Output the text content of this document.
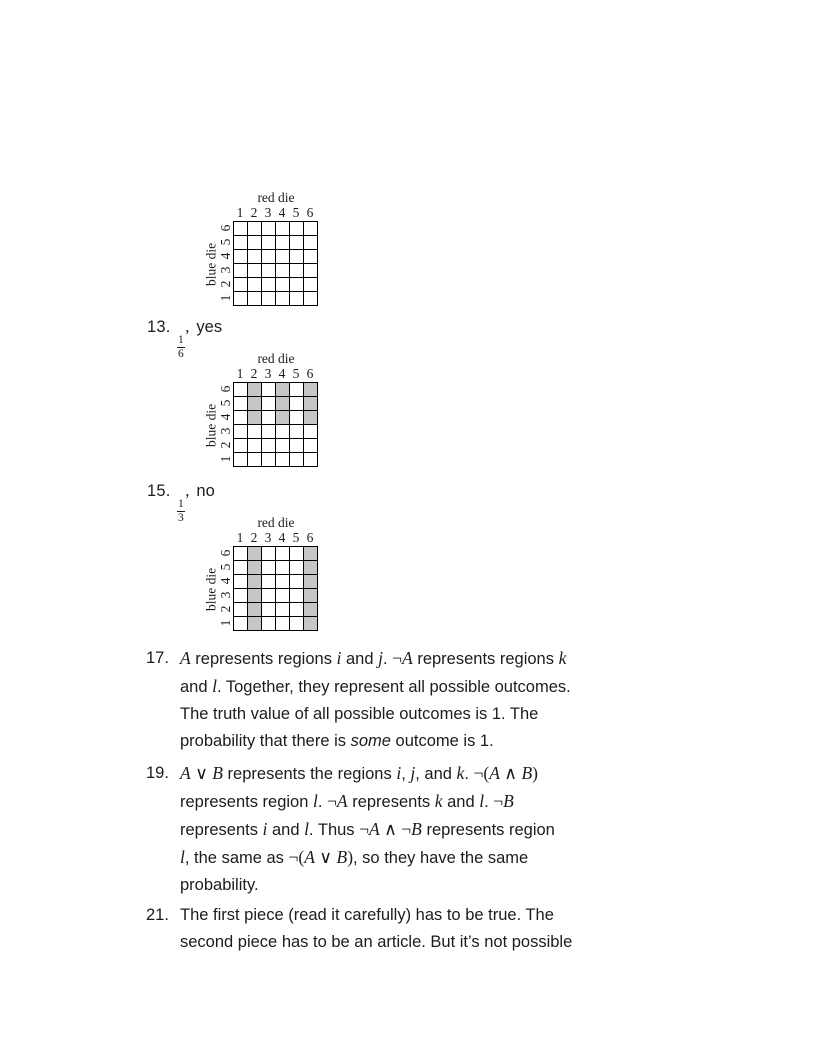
red die
1 2 3 4 5 6
blue die
6
5
4
3
2
1
13.
$\frac{1}{6}$
, yes
red die
1 2 3 4 5 6
blue die
6
5
4
3
2
1
15.
$\frac{1}{3}$
, no
red die
1 2 3 4 5 6
blue die
6
5
4
3
2
1
17. A represents regions i and j. ¬A represents regions k
and l. Together, they represent all possible outcomes.
The truth value of all possible outcomes is 1. The
probability that there is some outcome is 1.
19. A ∨ B represents the regions i, j, and k. ¬(A ∧ B)
represents region l. ¬A represents k and l. ¬B
represents i and l. Thus ¬A ∧ ¬B represents region
l, the same as ¬(A ∨ B), so they have the same
probability.
21. The first piece (read it carefully) has to be true. The
second piece has to be an article. But it’s not possible
